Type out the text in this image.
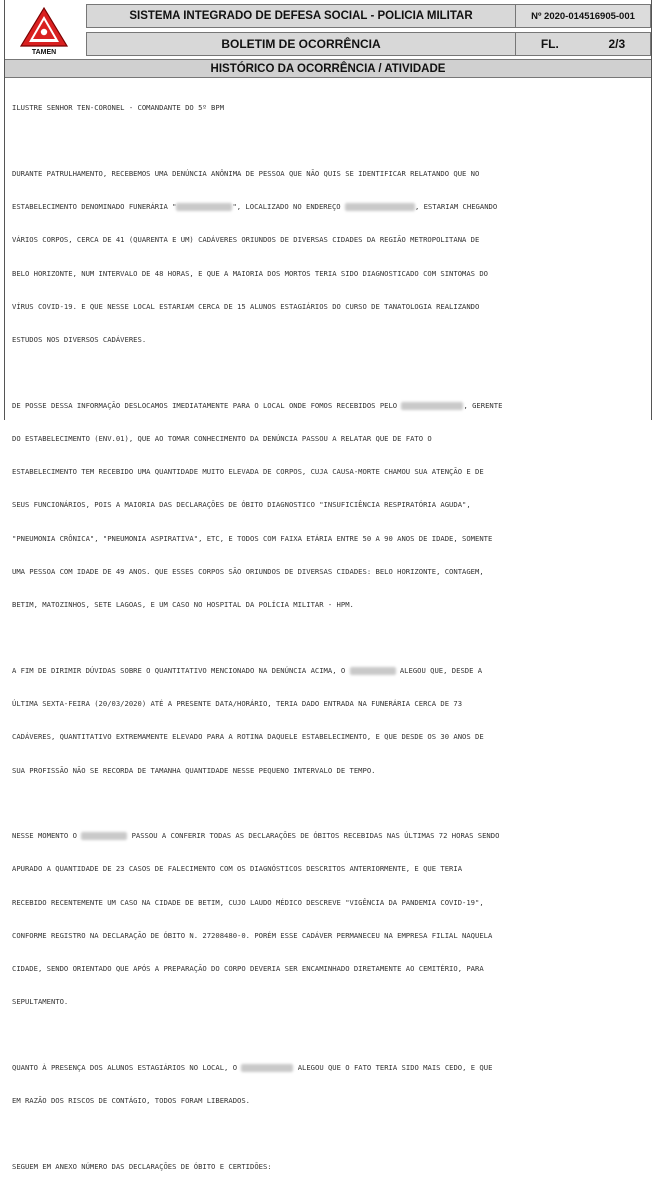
TAMEN
SISTEMA INTEGRADO DE DEFESA SOCIAL - POLICIA MILITAR	Nº 2020-014516905-001
BOLETIM DE OCORRÊNCIA	FL.	2/3
HISTÓRICO DA OCORRÊNCIA / ATIVIDADE

ILUSTRE SENHOR TEN-CORONEL - COMANDANTE DO 5º BPM

DURANTE PATRULHAMENTO, RECEBEMOS UMA DENÚNCIA ANÔNIMA DE PESSOA QUE NÃO QUIS SE IDENTIFICAR RELATANDO QUE NO

ESTABELECIMENTO DENOMINADO FUNERÁRIA "	", LOCALIZADO NO ENDEREÇO	, ESTARIAM CHEGANDO

VÁRIOS CORPOS, CERCA DE 41 (QUARENTA E UM) CADÁVERES ORIUNDOS DE DIVERSAS CIDADES DA REGIÃO METROPOLITANA DE

BELO HORIZONTE, NUM INTERVALO DE 48 HORAS, E QUE A MAIORIA DOS MORTOS TERIA SIDO DIAGNOSTICADO COM SINTOMAS DO

VÍRUS COVID-19. E QUE NESSE LOCAL ESTARIAM CERCA DE 15 ALUNOS ESTAGIÁRIOS DO CURSO DE TANATOLOGIA REALIZANDO

ESTUDOS NOS DIVERSOS CADÁVERES.

DE POSSE DESSA INFORMAÇÃO DESLOCAMOS IMEDIATAMENTE PARA O LOCAL ONDE FOMOS RECEBIDOS PELO	, GERENTE

DO ESTABELECIMENTO (ENV.01), QUE AO TOMAR CONHECIMENTO DA DENÚNCIA PASSOU A RELATAR QUE DE FATO O

ESTABELECIMENTO TEM RECEBIDO UMA QUANTIDADE MUITO ELEVADA DE CORPOS, CUJA CAUSA-MORTE CHAMOU SUA ATENÇÃO E DE

SEUS FUNCIONÁRIOS, POIS A MAIORIA DAS DECLARAÇÕES DE ÓBITO DIAGNOSTICO "INSUFICIÊNCIA RESPIRATÓRIA AGUDA",

"PNEUMONIA CRÔNICA", "PNEUMONIA ASPIRATIVA", ETC, E TODOS COM FAIXA ETÁRIA ENTRE 50 A 90 ANOS DE IDADE, SOMENTE

UMA PESSOA COM IDADE DE 49 ANOS. QUE ESSES CORPOS SÃO ORIUNDOS DE DIVERSAS CIDADES: BELO HORIZONTE, CONTAGEM,

BETIM, MATOZINHOS, SETE LAGOAS, E UM CASO NO HOSPITAL DA POLÍCIA MILITAR - HPM.

A FIM DE DIRIMIR DÚVIDAS SOBRE O QUANTITATIVO MENCIONADO NA DENÚNCIA ACIMA, O	ALEGOU QUE, DESDE A

ÚLTIMA SEXTA-FEIRA (20/03/2020) ATÉ A PRESENTE DATA/HORÁRIO, TERIA DADO ENTRADA NA FUNERÁRIA CERCA DE 73

CADÁVERES, QUANTITATIVO EXTREMAMENTE ELEVADO PARA A ROTINA DAQUELE ESTABELECIMENTO, E QUE DESDE OS 30 ANOS DE

SUA PROFISSÃO NÃO SE RECORDA DE TAMANHA QUANTIDADE NESSE PEQUENO INTERVALO DE TEMPO.

NESSE MOMENTO O	PASSOU A CONFERIR TODAS AS DECLARAÇÕES DE ÓBITOS RECEBIDAS NAS ÚLTIMAS 72 HORAS SENDO

APURADO A QUANTIDADE DE 23 CASOS DE FALECIMENTO COM OS DIAGNÓSTICOS DESCRITOS ANTERIORMENTE, E QUE TERIA

RECEBIDO RECENTEMENTE UM CASO NA CIDADE DE BETIM, CUJO LAUDO MÉDICO DESCREVE "VIGÊNCIA DA PANDEMIA COVID-19",

CONFORME REGISTRO NA DECLARAÇÃO DE ÓBITO N. 27208480-0. PORÉM ESSE CADÁVER PERMANECEU NA EMPRESA FILIAL NAQUELA

CIDADE, SENDO ORIENTADO QUE APÓS A PREPARAÇÃO DO CORPO DEVERIA SER ENCAMINHADO DIRETAMENTE AO CEMITÉRIO, PARA

SEPULTAMENTO.

QUANTO À PRESENÇA DOS ALUNOS ESTAGIÁRIOS NO LOCAL, O	ALEGOU QUE O FATO TERIA SIDO MAIS CEDO, E QUE

EM RAZÃO DOS RISCOS DE CONTÁGIO, TODOS FORAM LIBERADOS.

SEGUEM EM ANEXO NÚMERO DAS DECLARAÇÕES DE ÓBITO E CERTIDÕES:
